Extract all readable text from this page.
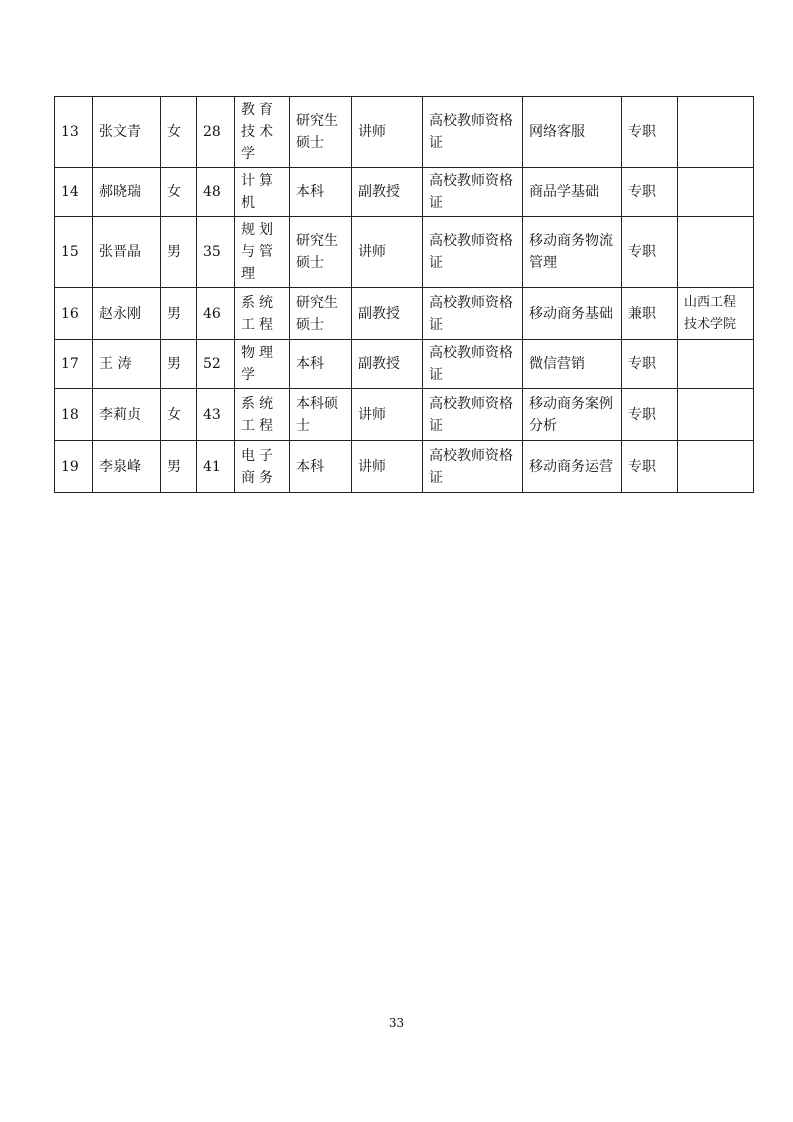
13	张文青	女	28	教育技术学	研究生硕士	讲师	高校教师资格证	网络客服	专职	
14	郝晓瑞	女	48	计算机	本科	副教授	高校教师资格证	商品学基础	专职	
15	张晋晶	男	35	规划与管理	研究生硕士	讲师	高校教师资格证	移动商务物流管理	专职	
16	赵永刚	男	46	系统工程	研究生硕士	副教授	高校教师资格证	移动商务基础	兼职	山西工程技术学院
17	王 涛	男	52	物理学	本科	副教授	高校教师资格证	微信营销	专职	
18	李莉贞	女	43	系统工程	本科硕士	讲师	高校教师资格证	移动商务案例分析	专职	
19	李泉峰	男	41	电子商务	本科	讲师	高校教师资格证	移动商务运营	专职	
33
